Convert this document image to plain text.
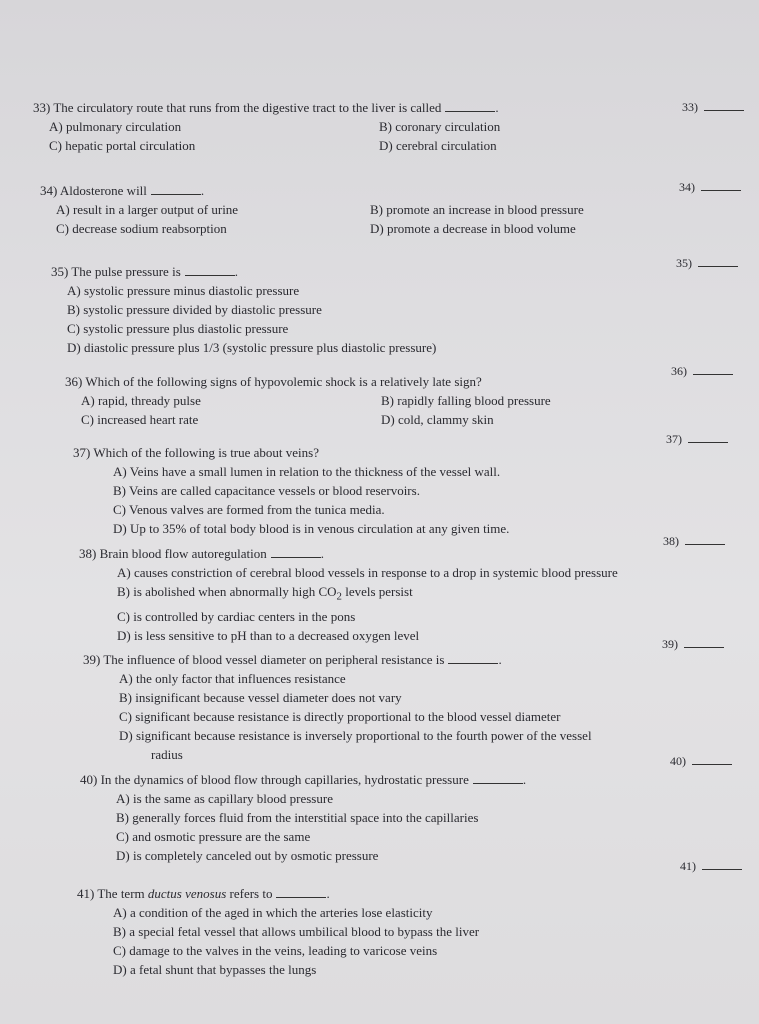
33) The circulatory route that runs from the digestive tract to the liver is called	.
A) pulmonary circulation	B) coronary circulation
C) hepatic portal circulation	D) cerebral circulation
33)
34) Aldosterone will	.
A) result in a larger output of urine	B) promote an increase in blood pressure
C) decrease sodium reabsorption	D) promote a decrease in blood volume
34)
35) The pulse pressure is	.
A) systolic pressure minus diastolic pressure
B) systolic pressure divided by diastolic pressure
C) systolic pressure plus diastolic pressure
D) diastolic pressure plus 1/3 (systolic pressure plus diastolic pressure)
35)
36) Which of the following signs of hypovolemic shock is a relatively late sign?
A) rapid, thready pulse	B) rapidly falling blood pressure
C) increased heart rate	D) cold, clammy skin
36)
37) Which of the following is true about veins?
A) Veins have a small lumen in relation to the thickness of the vessel wall.
B) Veins are called capacitance vessels or blood reservoirs.
C) Venous valves are formed from the tunica media.
D) Up to 35% of total body blood is in venous circulation at any given time.
37)
38) Brain blood flow autoregulation	.
A) causes constriction of cerebral blood vessels in response to a drop in systemic blood pressure
B) is abolished when abnormally high $CO_2$ levels persist
C) is controlled by cardiac centers in the pons
D) is less sensitive to pH than to a decreased oxygen level
38)
39) The influence of blood vessel diameter on peripheral resistance is	.
A) the only factor that influences resistance
B) insignificant because vessel diameter does not vary
C) significant because resistance is directly proportional to the blood vessel diameter
D) significant because resistance is inversely proportional to the fourth power of the vessel
radius
39)
40) In the dynamics of blood flow through capillaries, hydrostatic pressure	.
A) is the same as capillary blood pressure
B) generally forces fluid from the interstitial space into the capillaries
C) and osmotic pressure are the same
D) is completely canceled out by osmotic pressure
40)
41) The term ductus venosus refers to	.
A) a condition of the aged in which the arteries lose elasticity
B) a special fetal vessel that allows umbilical blood to bypass the liver
C) damage to the valves in the veins, leading to varicose veins
D) a fetal shunt that bypasses the lungs
41)
